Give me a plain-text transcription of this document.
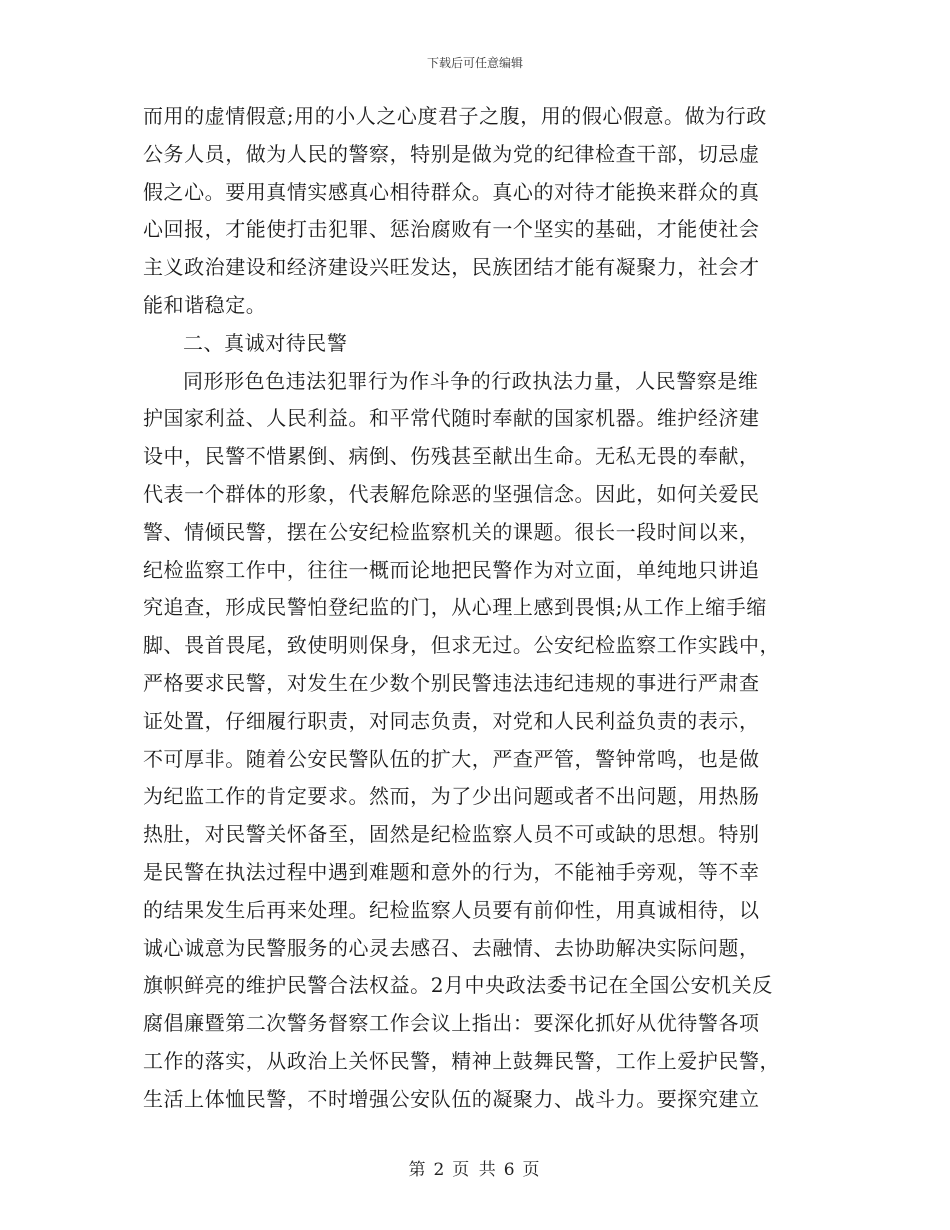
下载后可任意编辑
而用的虚情假意;用的小人之心度君子之腹，用的假心假意。做为行政
公务人员，做为人民的警察，特别是做为党的纪律检查干部，切忌虚
假之心。要用真情实感真心相待群众。真心的对待才能换来群众的真
心回报，才能使打击犯罪、惩治腐败有一个坚实的基础，才能使社会
主义政治建设和经济建设兴旺发达，民族团结才能有凝聚力，社会才
能和谐稳定。
二、真诚对待民警
同形形色色违法犯罪行为作斗争的行政执法力量，人民警察是维
护国家利益、人民利益。和平常代随时奉献的国家机器。维护经济建
设中，民警不惜累倒、病倒、伤残甚至献出生命。无私无畏的奉献，
代表一个群体的形象，代表解危除恶的坚强信念。因此，如何关爱民
警、情倾民警，摆在公安纪检监察机关的课题。很长一段时间以来，
纪检监察工作中，往往一概而论地把民警作为对立面，单纯地只讲追
究追查，形成民警怕登纪监的门，从心理上感到畏惧;从工作上缩手缩
脚、畏首畏尾，致使明则保身，但求无过。公安纪检监察工作实践中，
严格要求民警，对发生在少数个别民警违法违纪违规的事进行严肃查
证处置，仔细履行职责，对同志负责，对党和人民利益负责的表示，
不可厚非。随着公安民警队伍的扩大，严查严管，警钟常鸣，也是做
为纪监工作的肯定要求。然而，为了少出问题或者不出问题，用热肠
热肚，对民警关怀备至，固然是纪检监察人员不可或缺的思想。特别
是民警在执法过程中遇到难题和意外的行为，不能袖手旁观，等不幸
的结果发生后再来处理。纪检监察人员要有前仰性，用真诚相待，以
诚心诚意为民警服务的心灵去感召、去融情、去协助解决实际问题，
旗帜鲜亮的维护民警合法权益。2月中央政法委书记在全国公安机关反
腐倡廉暨第二次警务督察工作会议上指出：要深化抓好从优待警各项
工作的落实，从政治上关怀民警，精神上鼓舞民警，工作上爱护民警，
生活上体恤民警，不时增强公安队伍的凝聚力、战斗力。要探究建立
第 2 页 共 6 页
